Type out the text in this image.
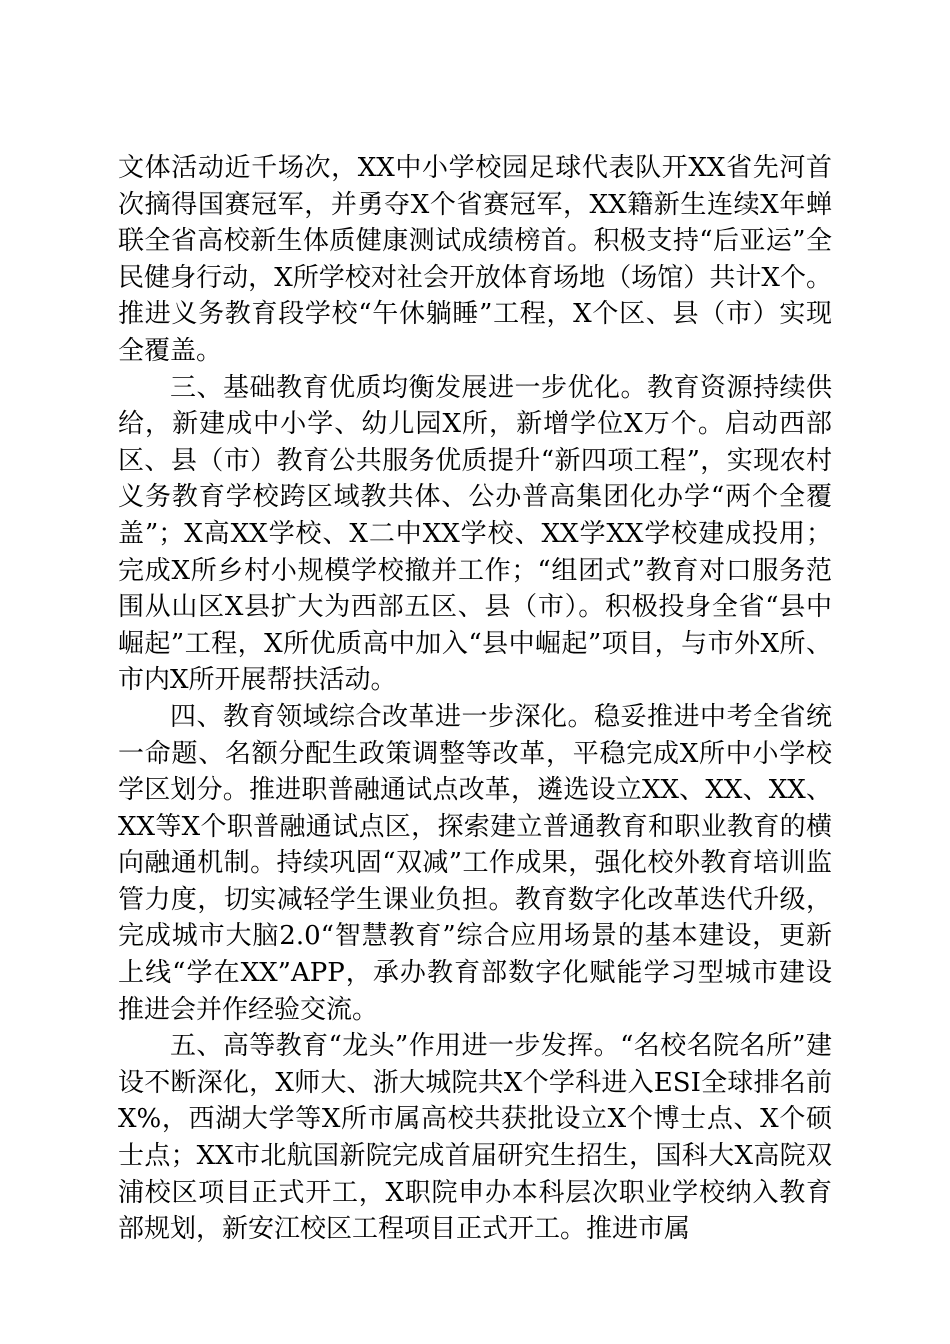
文体活动近千场次，XX中小学校园足球代表队开XX省先河首次摘得国赛冠军，并勇夺X个省赛冠军，XX籍新生连续X年蝉联全省高校新生体质健康测试成绩榜首。积极支持“后亚运”全民健身行动，X所学校对社会开放体育场地（场馆）共计X个。推进义务教育段学校“午休躺睡”工程，X个区、县（市）实现全覆盖。

三、基础教育优质均衡发展进一步优化。教育资源持续供给，新建成中小学、幼儿园X所，新增学位X万个。启动西部区、县（市）教育公共服务优质提升“新四项工程”，实现农村义务教育学校跨区域教共体、公办普高集团化办学“两个全覆盖”；X高XX学校、X二中XX学校、XX学XX学校建成投用；完成X所乡村小规模学校撤并工作；“组团式”教育对口服务范围从山区X县扩大为西部五区、县（市）。积极投身全省“县中崛起”工程，X所优质高中加入“县中崛起”项目，与市外X所、市内X所开展帮扶活动。

四、教育领域综合改革进一步深化。稳妥推进中考全省统一命题、名额分配生政策调整等改革，平稳完成X所中小学校学区划分。推进职普融通试点改革，遴选设立XX、XX、XX、XX等X个职普融通试点区，探索建立普通教育和职业教育的横向融通机制。持续巩固“双减”工作成果，强化校外教育培训监管力度，切实减轻学生课业负担。教育数字化改革迭代升级，完成城市大脑2.0“智慧教育”综合应用场景的基本建设，更新上线“学在XX”APP，承办教育部数字化赋能学习型城市建设推进会并作经验交流。

五、高等教育“龙头”作用进一步发挥。“名校名院名所”建设不断深化，X师大、浙大城院共X个学科进入ESI全球排名前X%，西湖大学等X所市属高校共获批设立X个博士点、X个硕士点；XX市北航国新院完成首届研究生招生，国科大X高院双浦校区项目正式开工，X职院申办本科层次职业学校纳入教育部规划，新安江校区工程项目正式开工。推进市属
